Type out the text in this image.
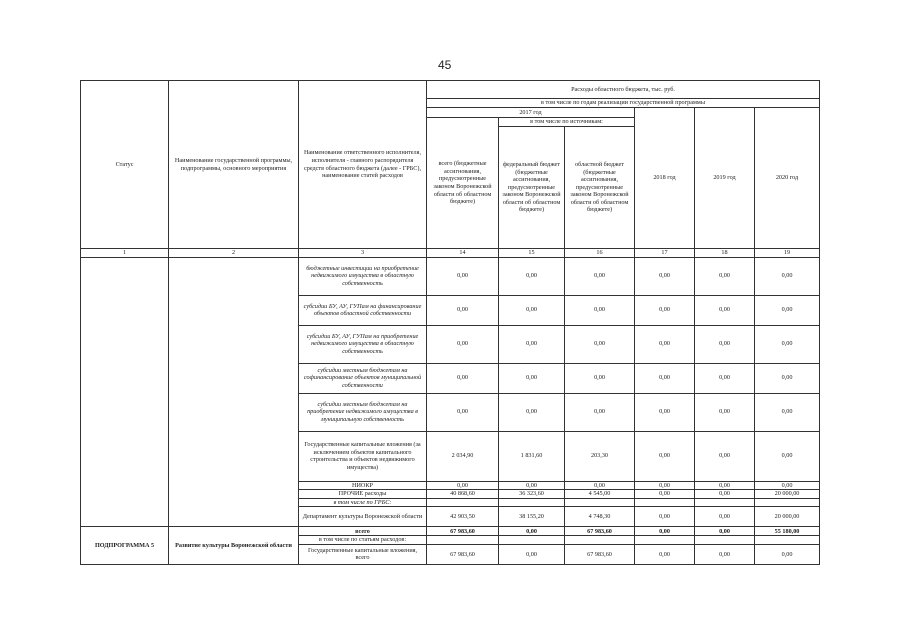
45
Статус	Наименование государственной программы, подпрограммы, основного мероприятия	Наименование ответственного исполнителя, исполнителя - главного распорядителя средств областного бюджета (далее - ГРБС), наименование статей расходов	Расходы областного бюджета, тыс. руб.					
			в том числе по годам реализации государственной программы					
			2017 год			2018 год	2019 год	2020 год
			всего (бюджетные ассигнования, предусмотренные законом Воронежской области об областном бюджете)	в том числе по источникам:				
				федеральный бюджет (бюджетные ассигнования, предусмотренные законом Воронежской области об областном бюджете)	областной бюджет (бюджетные ассигнования, предусмотренные законом Воронежской области об областном бюджете)			
1	2	3	14	15	16	17	18	19
		бюджетные инвестиции на приобретение недвижимого имущества в областную собственность	0,00	0,00	0,00	0,00	0,00	0,00
		субсидии БУ, АУ, ГУПам на финансирование объектов областной собственности	0,00	0,00	0,00	0,00	0,00	0,00
		субсидии БУ, АУ, ГУПам на приобретение недвижимого имущества в областную собственность	0,00	0,00	0,00	0,00	0,00	0,00
		субсидии местным бюджетам на софинансирование объектов муниципальной собственности	0,00	0,00	0,00	0,00	0,00	0,00
		субсидии местным бюджетам на приобретение недвижимого имущества в муниципальную собственность	0,00	0,00	0,00	0,00	0,00	0,00
		Государственные капитальные вложения (за исключением объектов капитального строительства и объектов недвижимого имущества)	2 034,90	1 831,60	203,30	0,00	0,00	0,00
		НИОКР	0,00	0,00	0,00	0,00	0,00	0,00
		ПРОЧИЕ расходы	40 868,60	36 323,60	4 545,00	0,00	0,00	20 000,00
		в том числе по ГРБС:						
		Департамент культуры Воронежской области	42 903,50	38 155,20	4 748,30	0,00	0,00	20 000,00
ПОДПРОГРАММА 5	Развитие культуры Воронежской области	всего	67 983,60	0,00	67 983,60	0,00	0,00	55 180,00
		в том числе по статьям расходов:						
		Государственные капитальные вложения, всего	67 983,60	0,00	67 983,60	0,00	0,00	0,00
